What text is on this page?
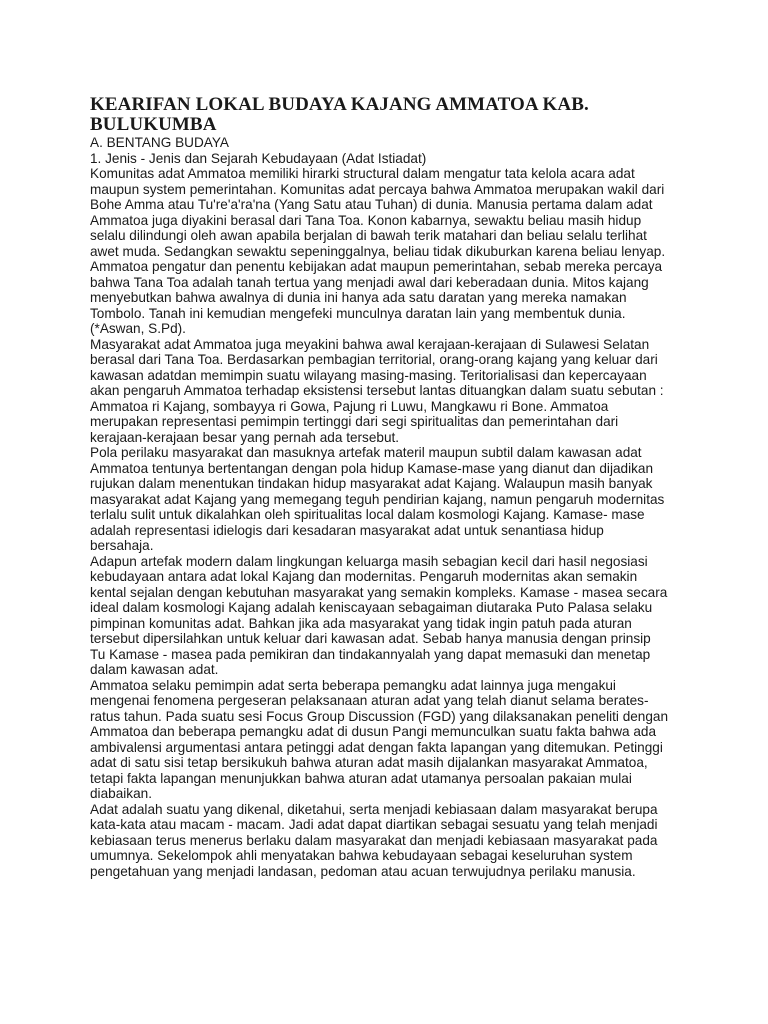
KEARIFAN LOKAL BUDAYA KAJANG AMMATOA KAB.
BULUKUMBA

A. BENTANG BUDAYA

1. Jenis - Jenis dan Sejarah Kebudayaan (Adat Istiadat)

Komunitas adat Ammatoa memiliki hirarki structural dalam mengatur tata kelola acara adat

maupun system pemerintahan. Komunitas adat percaya bahwa Ammatoa merupakan wakil dari

Bohe Amma atau Tu're'a'ra'na (Yang Satu atau Tuhan) di dunia. Manusia pertama dalam adat

Ammatoa juga diyakini berasal dari Tana Toa. Konon kabarnya, sewaktu beliau masih hidup

selalu dilindungi oleh awan apabila berjalan di bawah terik matahari dan beliau selalu terlihat

awet muda. Sedangkan sewaktu sepeninggalnya, beliau tidak dikuburkan karena beliau lenyap.

Ammatoa pengatur dan penentu kebijakan adat maupun pemerintahan, sebab mereka percaya

bahwa Tana Toa adalah tanah tertua yang menjadi awal dari keberadaan dunia. Mitos kajang

menyebutkan bahwa awalnya di dunia ini hanya ada satu daratan yang mereka namakan

Tombolo. Tanah ini kemudian mengefeki munculnya daratan lain yang membentuk dunia.

(*Aswan, S.Pd).

Masyarakat adat Ammatoa juga meyakini bahwa awal kerajaan-kerajaan di Sulawesi Selatan

berasal dari Tana Toa. Berdasarkan pembagian territorial, orang-orang kajang yang keluar dari

kawasan adatdan memimpin suatu wilayang masing-masing. Teritorialisasi dan kepercayaan

akan pengaruh Ammatoa terhadap eksistensi tersebut lantas dituangkan dalam suatu sebutan :

Ammatoa ri Kajang, sombayya ri Gowa, Pajung ri Luwu, Mangkawu ri Bone. Ammatoa

merupakan representasi pemimpin tertinggi dari segi spiritualitas dan pemerintahan dari

kerajaan-kerajaan besar yang pernah ada tersebut.

Pola perilaku masyarakat dan masuknya artefak materil maupun subtil dalam kawasan adat

Ammatoa tentunya bertentangan dengan pola hidup Kamase-mase yang dianut dan dijadikan

rujukan dalam menentukan tindakan hidup masyarakat adat Kajang. Walaupun masih banyak

masyarakat adat Kajang yang memegang teguh pendirian kajang, namun pengaruh modernitas

terlalu sulit untuk dikalahkan oleh spiritualitas local dalam kosmologi Kajang. Kamase- mase

adalah representasi idielogis dari kesadaran masyarakat adat untuk senantiasa hidup

bersahaja.

Adapun artefak modern dalam lingkungan keluarga masih sebagian kecil dari hasil negosiasi

kebudayaan antara adat lokal Kajang dan modernitas. Pengaruh modernitas akan semakin

kental sejalan dengan kebutuhan masyarakat yang semakin kompleks. Kamase - masea secara

ideal dalam kosmologi Kajang adalah keniscayaan sebagaiman diutaraka Puto Palasa selaku

pimpinan komunitas adat. Bahkan jika ada masyarakat yang tidak ingin patuh pada aturan

tersebut dipersilahkan untuk keluar dari kawasan adat. Sebab hanya manusia dengan prinsip

Tu Kamase - masea pada pemikiran dan tindakannyalah yang dapat memasuki dan menetap

dalam kawasan adat.

Ammatoa selaku pemimpin adat serta beberapa pemangku adat lainnya juga mengakui

mengenai fenomena pergeseran pelaksanaan aturan adat yang telah dianut selama berates-

ratus tahun. Pada suatu sesi Focus Group Discussion (FGD) yang dilaksanakan peneliti dengan

Ammatoa dan beberapa pemangku adat di dusun Pangi memunculkan suatu fakta bahwa ada

ambivalensi argumentasi antara petinggi adat dengan fakta lapangan yang ditemukan. Petinggi

adat di satu sisi tetap bersikukuh bahwa aturan adat masih dijalankan masyarakat Ammatoa,

tetapi fakta lapangan menunjukkan bahwa aturan adat utamanya persoalan pakaian mulai

diabaikan.

Adat adalah suatu yang dikenal, diketahui, serta menjadi kebiasaan dalam masyarakat berupa

kata-kata atau macam - macam. Jadi adat dapat diartikan sebagai sesuatu yang telah menjadi

kebiasaan terus menerus berlaku dalam masyarakat dan menjadi kebiasaan masyarakat pada

umumnya. Sekelompok ahli menyatakan bahwa kebudayaan sebagai keseluruhan system

pengetahuan yang menjadi landasan, pedoman atau acuan terwujudnya perilaku manusia.
